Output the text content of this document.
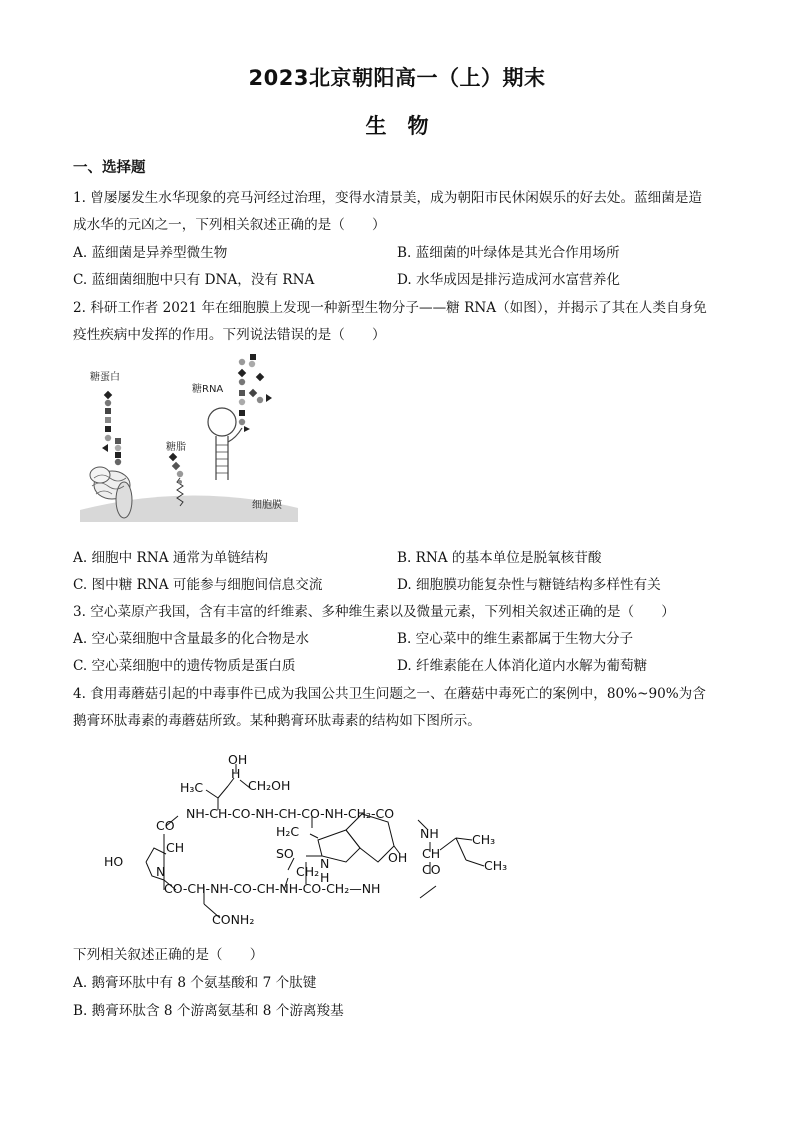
2023北京朝阳高一（上）期末
生　物
一、选择题
1. 曾屡屡发生水华现象的亮马河经过治理，变得水清景美，成为朝阳市民休闲娱乐的好去处。蓝细菌是造
成水华的元凶之一，下列相关叙述正确的是（　　）
A. 蓝细菌是异养型微生物	B. 蓝细菌的叶绿体是其光合作用场所
C. 蓝细菌细胞中只有 DNA，没有 RNA	D. 水华成因是排污造成河水富营养化
2. 科研工作者 2021 年在细胞膜上发现一种新型生物分子——糖 RNA（如图），并揭示了其在人类自身免
疫性疾病中发挥的作用。下列说法错误的是（　　）
糖蛋白
糖脂
糖RNA
细胞膜
A. 细胞中 RNA 通常为单链结构	B. RNA 的基本单位是脱氧核苷酸
C. 图中糖 RNA 可能参与细胞间信息交流	D. 细胞膜功能复杂性与糖链结构多样性有关
3. 空心菜原产我国，含有丰富的纤维素、多种维生素以及微量元素，下列相关叙述正确的是（　　）
A. 空心菜细胞中含量最多的化合物是水	B. 空心菜中的维生素都属于生物大分子
C. 空心菜细胞中的遗传物质是蛋白质	D. 纤维素能在人体消化道内水解为葡萄糖
4. 食用毒蘑菇引起的中毒事件已成为我国公共卫生问题之一、在蘑菇中毒死亡的案例中，80%~90%为含
鹅膏环肽毒素的毒蘑菇所致。某种鹅膏环肽毒素的结构如下图所示。
OH
H
CH₂OH
H₃C
NH-CH-CO-NH-CH-CO-NH-CH₂-CO
CO	H₂C	NH
CH
HO
SO	OH CH
CH₃
CH₃
N	CH₂
N
H
CO
CO-CH-NH-CO-CH-NH-CO-CH₂—NH
CONH₂
下列相关叙述正确的是（　　）
A. 鹅膏环肽中有 8 个氨基酸和 7 个肽键
B. 鹅膏环肽含 8 个游离氨基和 8 个游离羧基
